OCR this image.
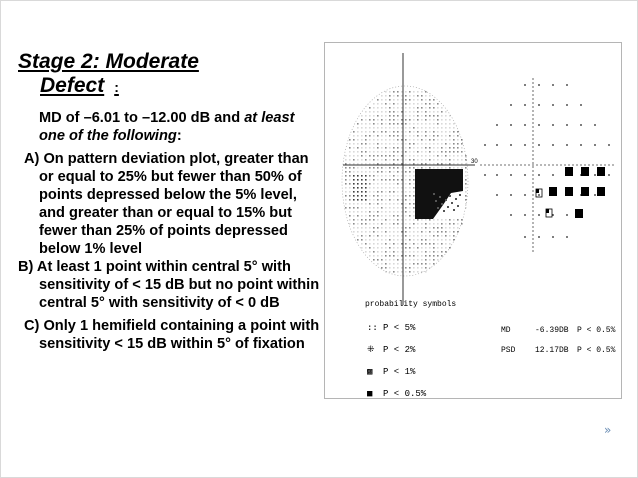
Stage 2: Moderate
Defect :
MD of –6.01 to –12.00 dB and at least one of the following:
A) On pattern deviation plot, greater than or equal to 25% but fewer than 50% of points depressed below the 5% level, and greater than or equal to 15% but fewer than 25% of points depressed below 1% level
B) At least 1 point within central 5° with sensitivity of < 15 dB but no point within central 5° with sensitivity of < 0 dB
C) Only 1 hemifield containing a point with sensitivity < 15 dB within 5° of fixation
30
probability symbols
:: P < 5%
⁜ P < 2%
▩ P < 1%
■ P < 0.5%
MD	-6.39DB P < 0.5%
PSD 12.17DB P < 0.5%
»
